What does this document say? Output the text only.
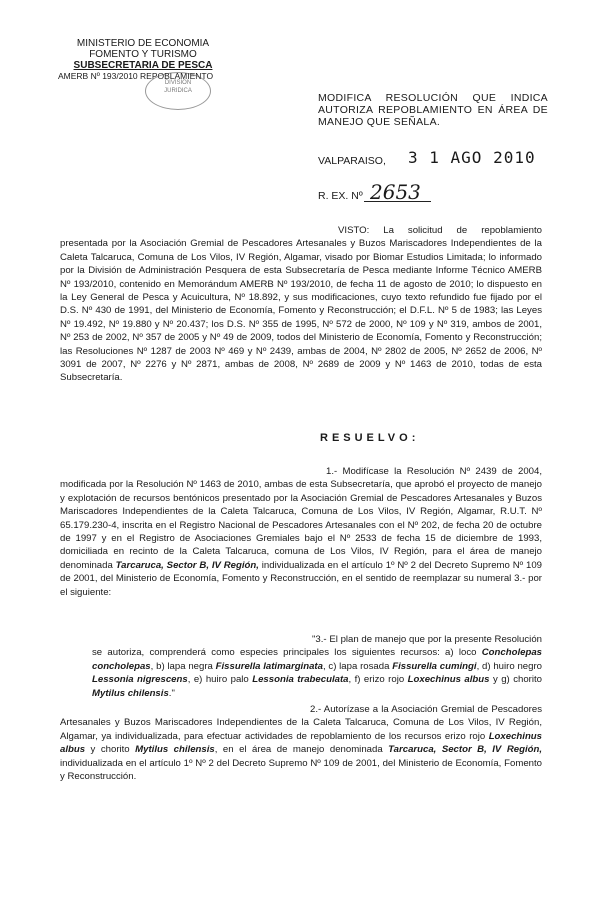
MINISTERIO DE ECONOMIA
FOMENTO Y TURISMO
SUBSECRETARIA DE PESCA
AMERB Nº 193/2010 REPOBLAMIENTO
DIVISION
JURIDICA
MODIFICA RESOLUCIÓN QUE INDICA AUTORIZA REPOBLAMIENTO EN ÁREA DE MANEJO QUE SEÑALA.
VALPARAISO, 3 1 AGO 2010
R. EX. Nº 2653
VISTO: La solicitud de repoblamiento presentada por la Asociación Gremial de Pescadores Artesanales y Buzos Mariscadores Independientes de la Caleta Talcaruca, Comuna de Los Vilos, IV Región, Algamar, visado por Biomar Estudios Limitada; lo informado por la División de Administración Pesquera de esta Subsecretaría de Pesca mediante Informe Técnico AMERB Nº 193/2010, contenido en Memorándum AMERB Nº 193/2010, de fecha 11 de agosto de 2010; lo dispuesto en la Ley General de Pesca y Acuicultura, Nº 18.892, y sus modificaciones, cuyo texto refundido fue fijado por el D.S. Nº 430 de 1991, del Ministerio de Economía, Fomento y Reconstrucción; el D.F.L. Nº 5 de 1983; las Leyes Nº 19.492, Nº 19.880 y Nº 20.437; los D.S. Nº 355 de 1995, Nº 572 de 2000, Nº 109 y Nº 319, ambos de 2001, Nº 253 de 2002, Nº 357 de 2005 y Nº 49 de 2009, todos del Ministerio de Economía, Fomento y Reconstrucción; las Resoluciones Nº 1287 de 2003 Nº 469 y Nº 2439, ambas de 2004, Nº 2802 de 2005, Nº 2652 de 2006, Nº 3091 de 2007, Nº 2276 y Nº 2871, ambas de 2008, Nº 2689 de 2009 y Nº 1463 de 2010, todas de esta Subsecretaría.
RESUELVO:
1.- Modifícase la Resolución Nº 2439 de 2004, modificada por la Resolución Nº 1463 de 2010, ambas de esta Subsecretaría, que aprobó el proyecto de manejo y explotación de recursos bentónicos presentado por la Asociación Gremial de Pescadores Artesanales y Buzos Mariscadores Independientes de la Caleta Talcaruca, Comuna de Los Vilos, IV Región, Algamar, R.U.T. Nº 65.179.230-4, inscrita en el Registro Nacional de Pescadores Artesanales con el Nº 202, de fecha 20 de octubre de 1997 y en el Registro de Asociaciones Gremiales bajo el Nº 2533 de fecha 15 de diciembre de 1993, domiciliada en recinto de la Caleta Talcaruca, comuna de Los Vilos, IV Región, para el área de manejo denominada Tarcaruca, Sector B, IV Región, individualizada en el artículo 1º Nº 2 del Decreto Supremo Nº 109 de 2001, del Ministerio de Economía, Fomento y Reconstrucción, en el sentido de reemplazar su numeral 3.- por el siguiente:
"3.- El plan de manejo que por la presente Resolución se autoriza, comprenderá como especies principales los siguientes recursos: a) loco Concholepas concholepas, b) lapa negra Fissurella latimarginata, c) lapa rosada Fissurella cumingi, d) huiro negro Lessonia nigrescens, e) huiro palo Lessonia trabeculata, f) erizo rojo Loxechinus albus y g) chorito Mytilus chilensis."
2.- Autorízase a la Asociación Gremial de Pescadores Artesanales y Buzos Mariscadores Independientes de la Caleta Talcaruca, Comuna de Los Vilos, IV Región, Algamar, ya individualizada, para efectuar actividades de repoblamiento de los recursos erizo rojo Loxechinus albus y chorito Mytilus chilensis, en el área de manejo denominada Tarcaruca, Sector B, IV Región, individualizada en el artículo 1º Nº 2 del Decreto Supremo Nº 109 de 2001, del Ministerio de Economía, Fomento y Reconstrucción.
